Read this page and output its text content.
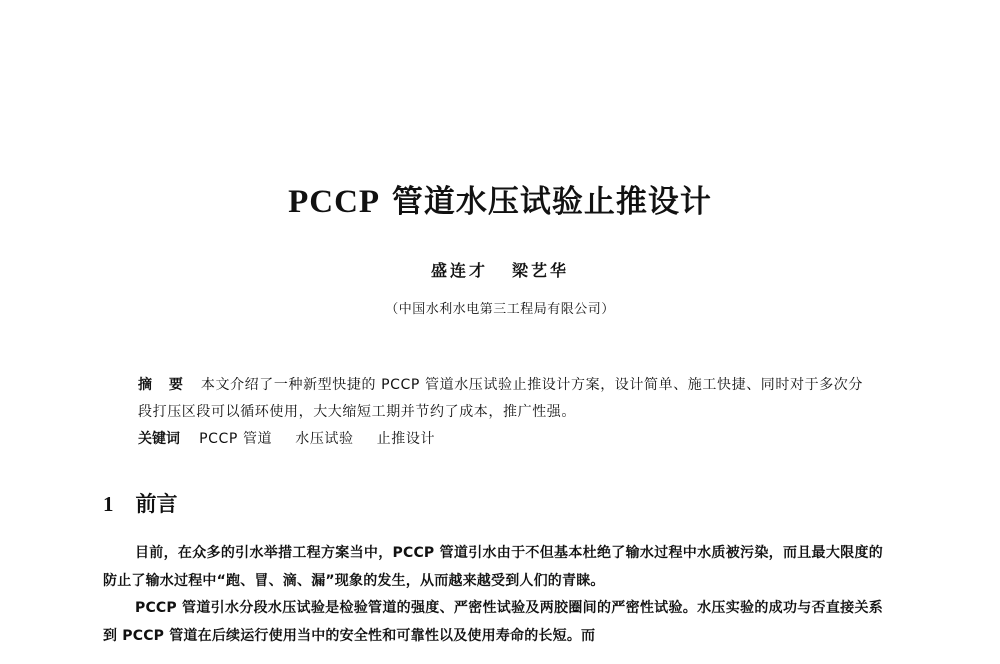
PCCP 管道水压试验止推设计
盛连才 梁艺华
（中国水利水电第三工程局有限公司）
摘 要 本文介绍了一种新型快捷的 PCCP 管道水压试验止推设计方案，设计简单、施工快捷、同时对于多次分段打压区段可以循环使用，大大缩短工期并节约了成本，推广性强。
关键词 PCCP 管道 水压试验 止推设计
1 前言

目前，在众多的引水举措工程方案当中，PCCP 管道引水由于不但基本杜绝了输水过程中水质被污染，而且最大限度的防止了输水过程中“跑、冒、滴、漏”现象的发生，从而越来越受到人们的青睐。

PCCP 管道引水分段水压试验是检验管道的强度、严密性试验及两胶圈间的严密性试验。水压实验的成功与否直接关系到 PCCP 管道在后续运行使用当中的安全性和可靠性以及使用寿命的长短。而
